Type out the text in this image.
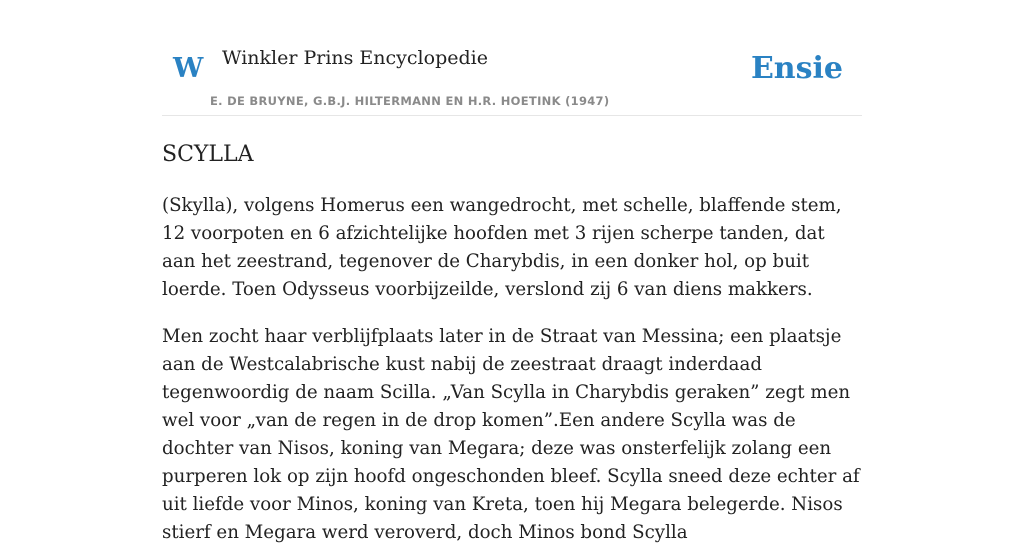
W Winkler Prins Encyclopedie
E. DE BRUYNE, G.B.J. HILTERMANN EN H.R. HOETINK (1947)
Ensie
SCYLLA

(Skylla), volgens Homerus een wangedrocht, met schelle, blaffende stem, 12 voorpoten en 6 afzichtelijke hoofden met 3 rijen scherpe tanden, dat aan het zeestrand, tegenover de Charybdis, in een donker hol, op buit loerde. Toen Odysseus voorbijzeilde, verslond zij 6 van diens makkers.

Men zocht haar verblijfplaats later in de Straat van Messina; een plaatsje aan de Westcalabrische kust nabij de zeestraat draagt inderdaad tegenwoordig de naam Scilla. „Van Scylla in Charybdis geraken” zegt men wel voor „van de regen in de drop komen”.Een andere Scylla was de dochter van Nisos, koning van Megara; deze was onsterfelijk zolang een purperen lok op zijn hoofd ongeschonden bleef. Scylla sneed deze echter af uit liefde voor Minos, koning van Kreta, toen hij Megara belegerde. Nisos stierf en Megara werd veroverd, doch Minos bond Scylla
